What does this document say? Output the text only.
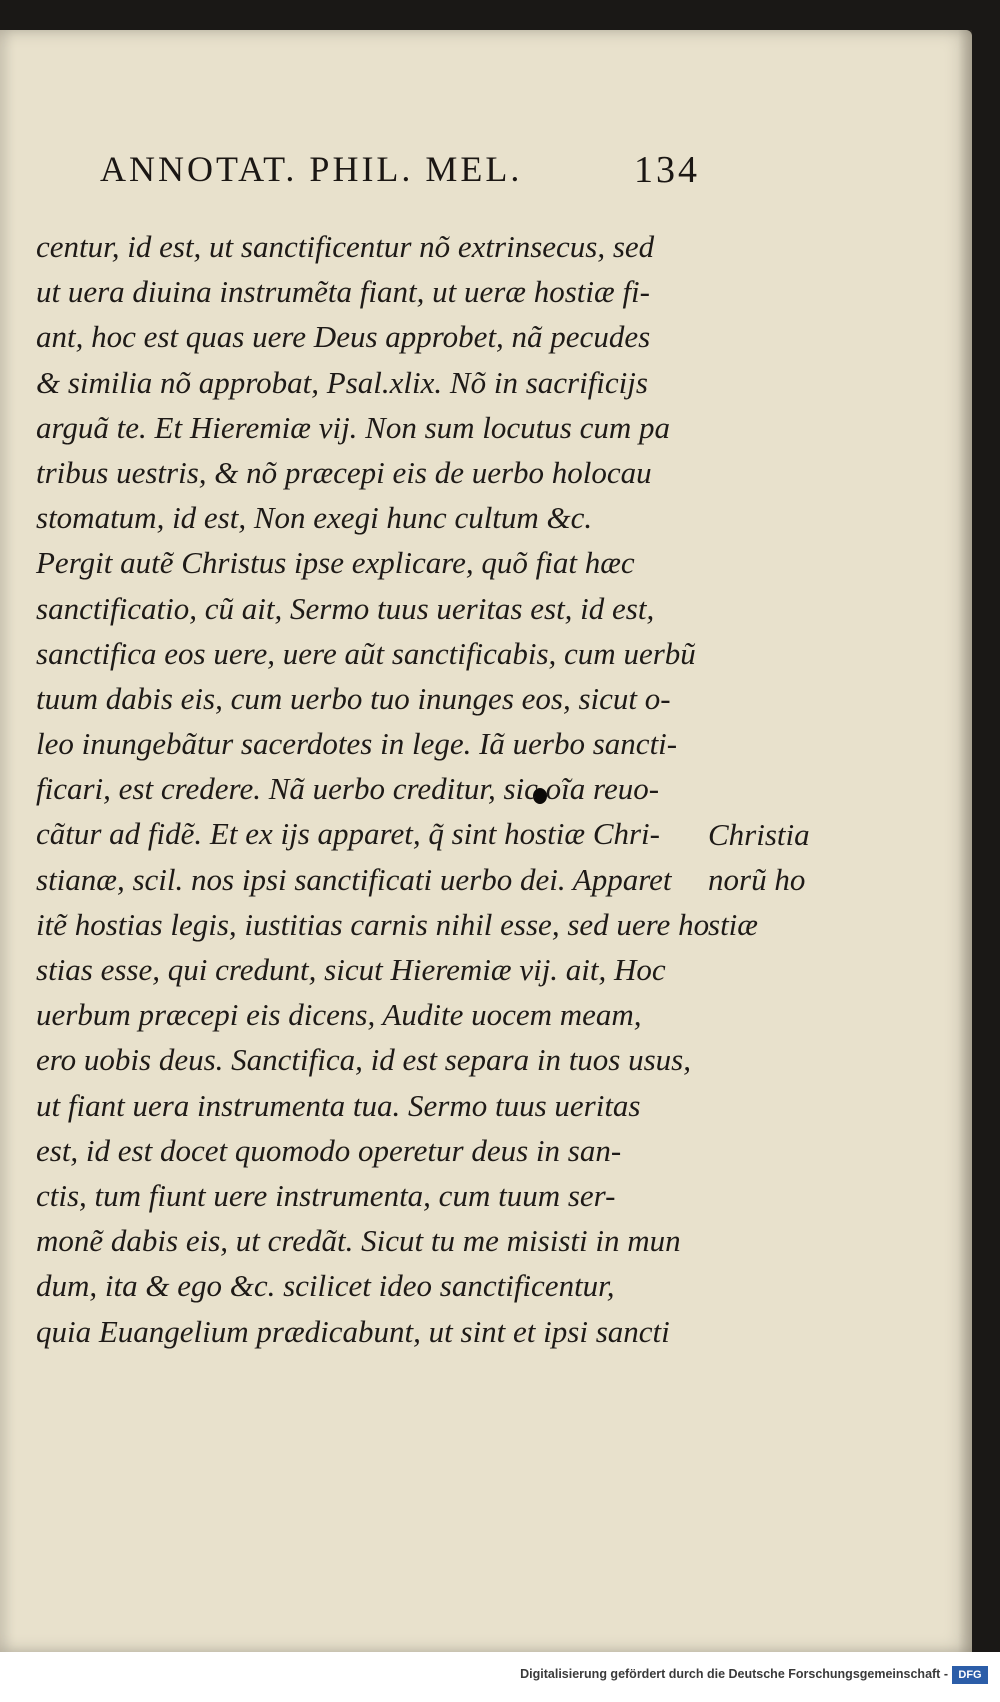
ANNOTAT. PHIL. MEL.	134
centur, id est, ut sanctificentur nõ extrinsecus, sed
ut uera diuina instrumẽta fiant, ut ueræ hostiæ fi-
ant, hoc est quas uere Deus approbet, nã pecudes
& similia nõ approbat, Psal.xlix. Nõ in sacrificijs
arguã te. Et Hieremiæ vij. Non sum locutus cum pa
tribus uestris, & nõ præcepi eis de uerbo holocau
stomatum, id est, Non exegi hunc cultum &c.
Pergit autẽ Christus ipse explicare, quõ fiat hæc
sanctificatio, cũ ait, Sermo tuus ueritas est, id est,
sanctifica eos uere, uere aũt sanctificabis, cum uerbũ
tuum dabis eis, cum uerbo tuo inunges eos, sicut o-
leo inungebãtur sacerdotes in lege. Iã uerbo sancti-
ficari, est credere. Nã uerbo creditur, sic oĩa reuo-
cãtur ad fidẽ. Et ex ijs apparet, q̃ sint hostiæ Chri-
stianæ, scil. nos ipsi sanctificati uerbo dei. Apparet
itẽ hostias legis, iustitias carnis nihil esse, sed uere ho
stias esse, qui credunt, sicut Hieremiæ vij. ait, Hoc
uerbum præcepi eis dicens, Audite uocem meam,
ero uobis deus. Sanctifica, id est separa in tuos usus,
ut fiant uera instrumenta tua. Sermo tuus ueritas
est, id est docet quomodo operetur deus in san-
ctis, tum fiunt uere instrumenta, cum tuum ser-
monẽ dabis eis, ut credãt. Sicut tu me misisti in mun
dum, ita & ego &c. scilicet ideo sanctificentur,
quia Euangelium prædicabunt, ut sint et ipsi sancti
Christia
norũ ho
stiæ
Digitalisierung gefördert durch die Deutsche Forschungsgemeinschaft - DFG
